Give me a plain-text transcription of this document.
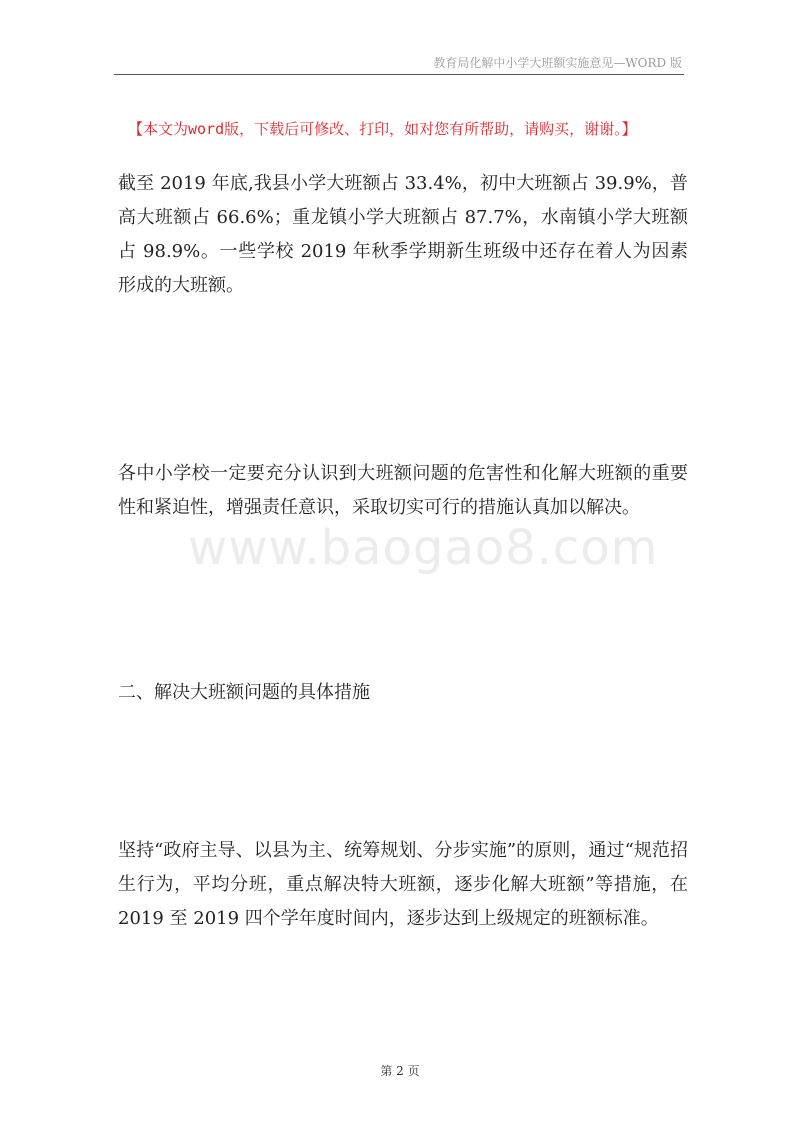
教育局化解中小学大班额实施意见—WORD 版
【本文为word版，下载后可修改、打印，如对您有所帮助，请购买，谢谢。】
www.baogao8.com
截至 2019 年底,我县小学大班额占 33.4%，初中大班额占 39.9%，普高大班额占 66.6%；重龙镇小学大班额占 87.7%，水南镇小学大班额占 98.9%。一些学校 2019 年秋季学期新生班级中还存在着人为因素形成的大班额。
各中小学校一定要充分认识到大班额问题的危害性和化解大班额的重要性和紧迫性，增强责任意识，采取切实可行的措施认真加以解决。
二、解决大班额问题的具体措施
坚持“政府主导、以县为主、统筹规划、分步实施”的原则，通过“规范招生行为，平均分班，重点解决特大班额，逐步化解大班额”等措施，在 2019 至 2019 四个学年度时间内，逐步达到上级规定的班额标准。
第 2 页
